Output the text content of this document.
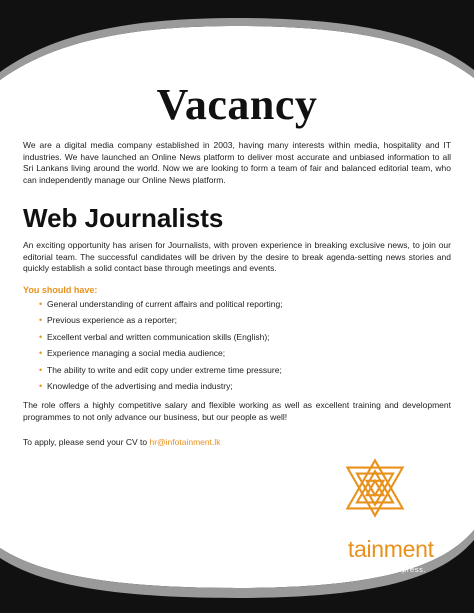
Vacancy

We are a digital media company established in 2003, having many interests within media, hospitality and IT industries. We have launched an Online News platform to deliver most accurate and unbiased information to all Sri Lankans living around the world. Now we are looking to form a team of fair and balanced editorial team, who can independently manage our Online News platform.

Web Journalists

An exciting opportunity has arisen for Journalists, with proven experience in breaking exclusive news, to join our editorial team. The successful candidates will be driven by the desire to break agenda-setting news stories and quickly establish a solid contact base through meetings and events.

You should have:
• General understanding of current affairs and political reporting;
• Previous experience as a reporter;
• Excellent verbal and written communication skills (English);
• Experience managing a social media audience;
• The ability to write and edit copy under extreme time pressure;
• Knowledge of the advertising and media industry;

The role offers a highly competitive salary and flexible working as well as excellent training and development programmes to not only advance our business, but our people as well!

To apply, please send your CV to hr@infotainment.lk

infotainment
imagine.innovate.impress.
